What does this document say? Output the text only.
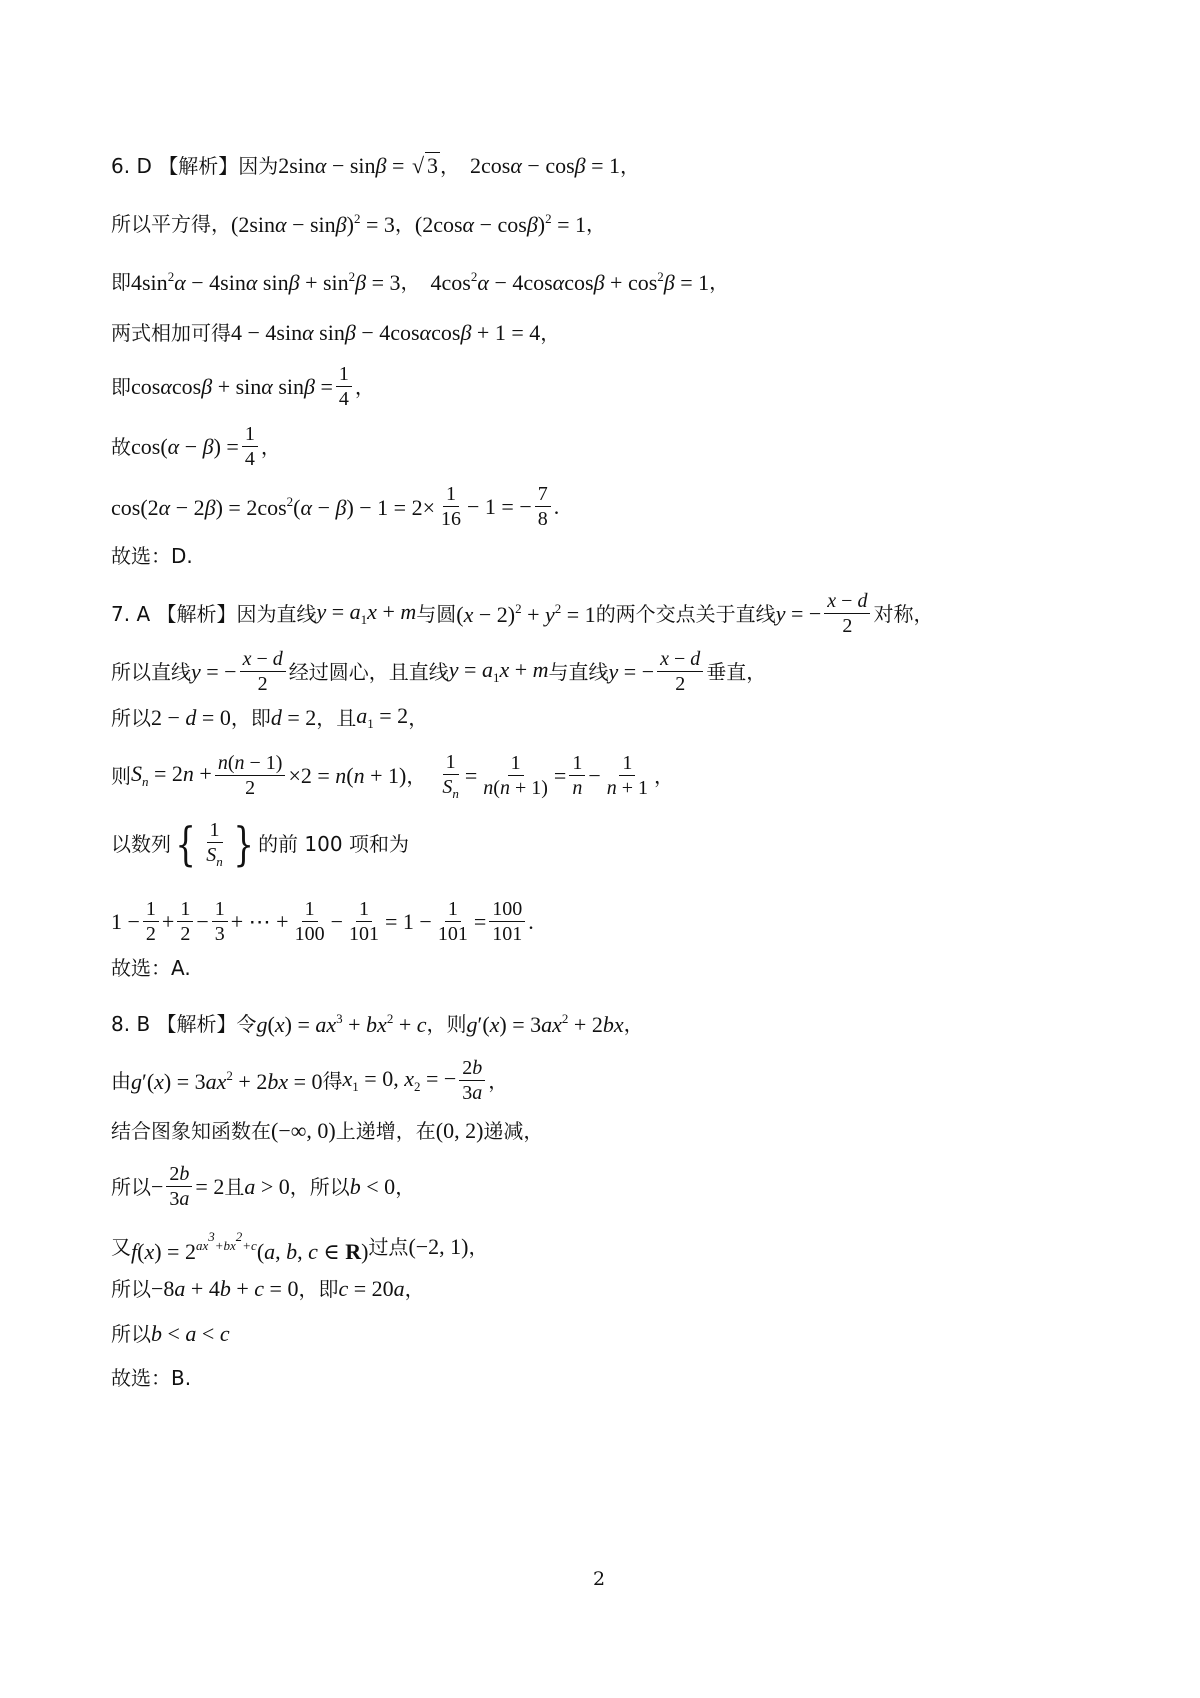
6. D 【解析】因为 2sinα − sinβ = √ 3 ， 2cosα − cosβ = 1 ，
所以平方得， $(2\sin\alpha - \sin\beta)^2 = 3$ ， $(2\cos\alpha - \cos\beta)^2 = 1$ ，
即 $4\sin^2\alpha - 4\sin\alpha$ $\sin\beta + \sin^2\beta = 3$ ， $4\cos^2\alpha - 4\cos\alpha\cos\beta + \cos^2\beta = 1$ ，
两式相加可得 4 − 4sinα sinβ − 4cosαcosβ + 1 = 4 ，
即 cosαcosβ + sinα $\sin\beta = \frac{1}{4}$ ，
故 $\cos(\alpha - \beta) = \frac{1}{4}$ ，
$\cos(2\alpha - 2\beta) = 2\cos^2(\alpha - \beta) - 1 = 2\times \frac{1}{16} - 1$ = − $\frac{7}{8}$ .
故选：D.
7. A 【解析】因为直线 $y = a_1x + m$ 与圆 $(x - 2)^2 + y^2 = 1$ 的两个交点关于直线 y = − $\frac{x - d}{2}$ 对称，
所以直线 y = − $\frac{x - d}{2}$ 经过圆心，且直线 $y = a_1x + m$ 与直线 y = − $\frac{x - d}{2}$ 垂直，
所以 2 − d = 0 ，即 d = 2 ，且 $a_1 = 2$ ，
则 $S_n = 2n + \frac{n(n - 1)}{2} \times 2 = n(n + 1)$ ， $\frac{1}{S_n} = \frac{1}{n(n + 1)} = \frac{1}{n} - \frac{1}{n + 1}$ ，
以数列 { $\frac{1}{S_n}$ } 的前 100 项和为
$1 - \frac{1}{2} + \frac{1}{2} - \frac{1}{3}$ + ⋯ + $\frac{1}{100} - \frac{1}{101} = 1 - \frac{1}{101} = \frac{100}{101}$ .
故选：A.
8. B 【解析】令 $g(x) = ax^3 + bx^2 + c$ ，则 $g'(x) = 3ax^2 + 2bx$ ，
由 $g'(x) = 3ax^2 + 2bx = 0$ 得 $x_1 = 0$, $x_2$ = − $\frac{2b}{3a}$ ，
结合图象知函数在 (−∞, 0) 上递增，在 (0, 2) 递减，
所以 − $\frac{2b}{3a} = 2$ 且 a > 0 ，所以 b < 0 ，
又 $f(x) = 2^{ax^3+bx^2+c}(a$, b, c ∈ R) 过点 (−2, 1) ，
所以 −8a + 4b + c = 0 ，即 c = 20a ，
所以 b < a < c
故选：B.
2
